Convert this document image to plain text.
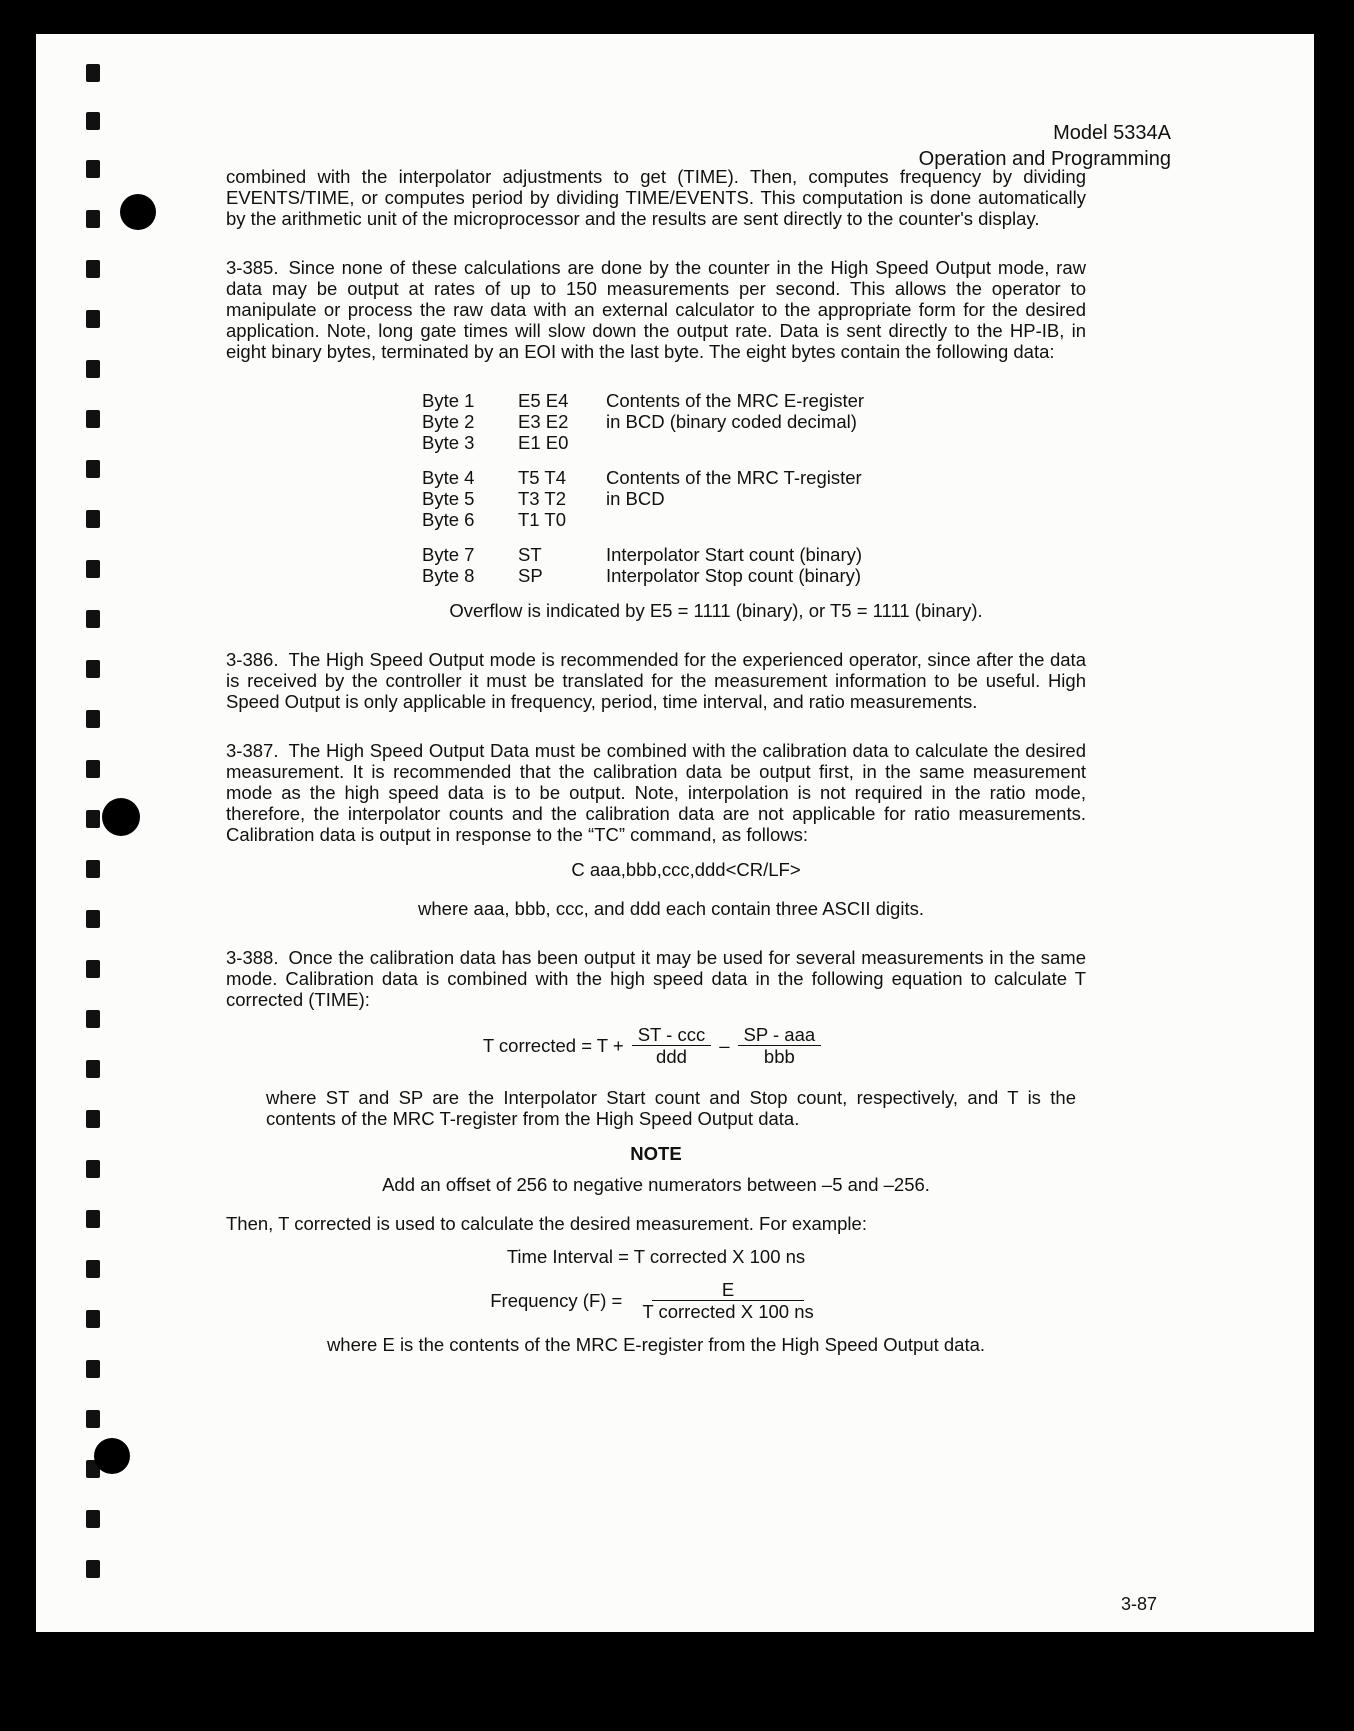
Model 5334A
Operation and Programming

combined with the interpolator adjustments to get (TIME). Then, computes frequency by dividing EVENTS/TIME, or computes period by dividing TIME/EVENTS. This computation is done automatically by the arithmetic unit of the microprocessor and the results are sent directly to the counter's display.

3-385. Since none of these calculations are done by the counter in the High Speed Output mode, raw data may be output at rates of up to 150 measurements per second. This allows the operator to manipulate or process the raw data with an external calculator to the appropriate form for the desired application. Note, long gate times will slow down the output rate. Data is sent directly to the HP-IB, in eight binary bytes, terminated by an EOI with the last byte. The eight bytes contain the following data:

Byte 1	E5 E4	Contents of the MRC E-register
Byte 2	E3 E2	in BCD (binary coded decimal)
Byte 3	E1 E0
Byte 4	T5 T4	Contents of the MRC T-register
Byte 5	T3 T2	in BCD
Byte 6	T1 T0
Byte 7	ST	Interpolator Start count (binary)
Byte 8	SP	Interpolator Stop count (binary)

Overflow is indicated by E5 = 1111 (binary), or T5 = 1111 (binary).

3-386. The High Speed Output mode is recommended for the experienced operator, since after the data is received by the controller it must be translated for the measurement information to be useful. High Speed Output is only applicable in frequency, period, time interval, and ratio measurements.

3-387. The High Speed Output Data must be combined with the calibration data to calculate the desired measurement. It is recommended that the calibration data be output first, in the same measurement mode as the high speed data is to be output. Note, interpolation is not required in the ratio mode, therefore, the interpolator counts and the calibration data are not applicable for ratio measurements. Calibration data is output in response to the “TC” command, as follows:

C aaa,bbb,ccc,ddd<CR/LF>

where aaa, bbb, ccc, and ddd each contain three ASCII digits.

3-388. Once the calibration data has been output it may be used for several measurements in the same mode. Calibration data is combined with the high speed data in the following equation to calculate T corrected (TIME):

T corrected = $T + \frac{\text{ST - ccc}}{\text{ddd}} - \frac{\text{SP - aaa}}{\text{bbb}}$

where ST and SP are the Interpolator Start count and Stop count, respectively, and T is the contents of the MRC T-register from the High Speed Output data.

NOTE

Add an offset of 256 to negative numerators between –5 and –256.

Then, T corrected is used to calculate the desired measurement. For example:

Time Interval = T corrected X 100 ns

Frequency $(F) = \frac{E}{\text{T corrected X 100 ns}}$

where E is the contents of the MRC E-register from the High Speed Output data.

3-87
